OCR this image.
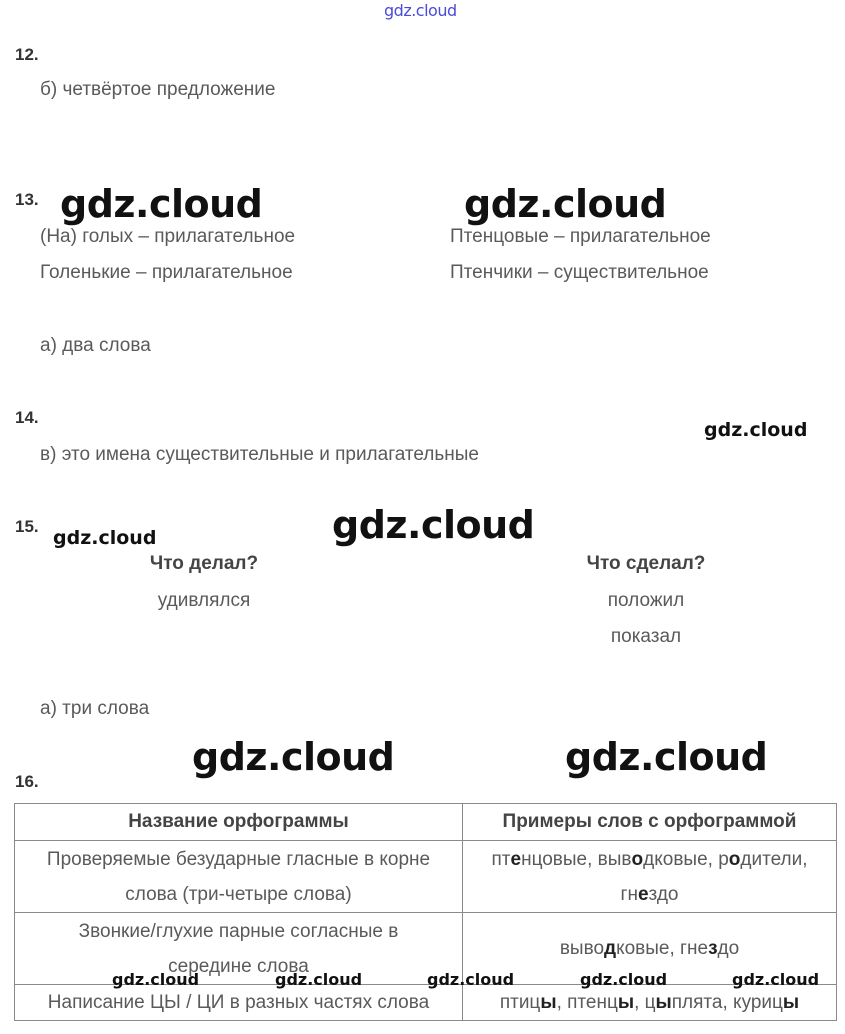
gdz.cloud
12.
б) четвёртое предложение
13. gdz.cloud	gdz.cloud
(На) голых – прилагательное
Голенькие – прилагательное
Птенцовые – прилагательное
Птенчики – существительное
а) два слова
14.
gdz.cloud
в) это имена существительные и прилагательные
15.
gdz.cloud	gdz.cloud
Что делал?
удивлялся
Что сделал?
положил
показал
а) три слова
gdz.cloud	gdz.cloud
16.
Название орфограммы	Примеры слов с орфограммой
Проверяемые безударные гласные в корне
слова (три-четыре слова)	птенцовые, выводковые, родители,
гнездо
Звонкие/глухие парные согласные в
середине слова	выводковые, гнездо
Написание ЦЫ / ЦИ в разных частях слова	птицы, птенцы, цыплята, курицы
gdz.cloud	gdz.cloud	gdz.cloud	gdz.cloud	gdz.cloud
